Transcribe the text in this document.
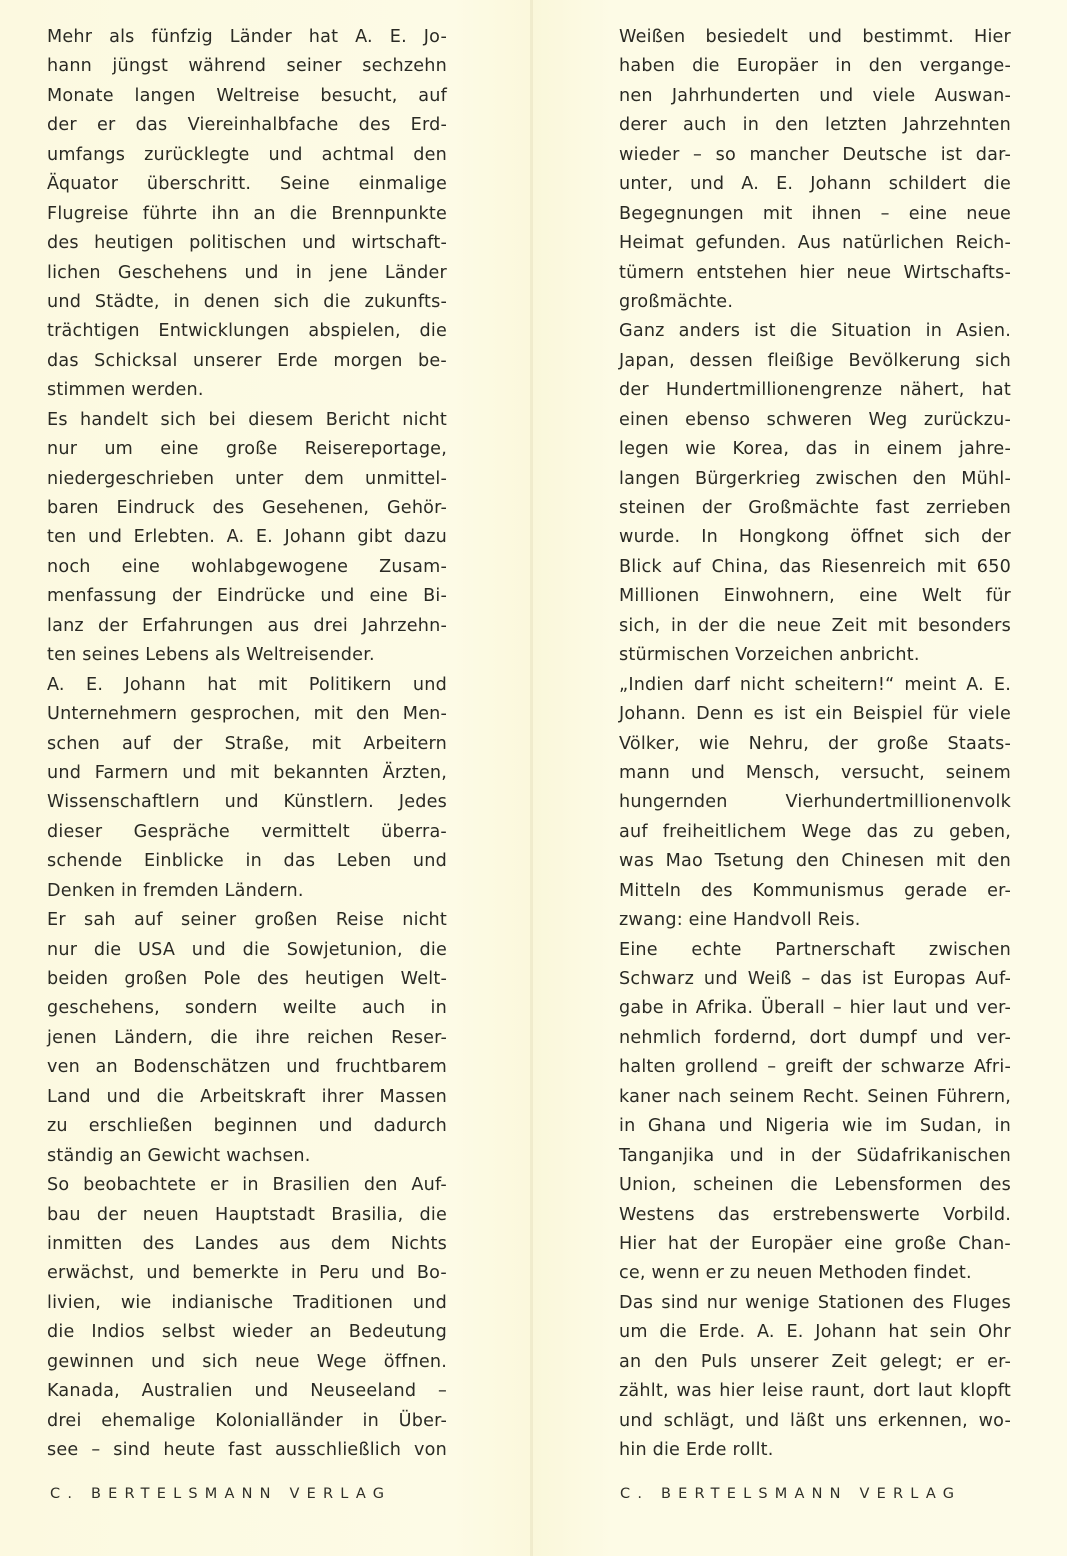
Mehr als fünfzig Länder hat A. E. Jo-
hann jüngst während seiner sechzehn
Monate langen Weltreise besucht, auf
der er das Viereinhalbfache des Erd-
umfangs zurücklegte und achtmal den
Äquator überschritt. Seine einmalige
Flugreise führte ihn an die Brennpunkte
des heutigen politischen und wirtschaft-
lichen Geschehens und in jene Länder
und Städte, in denen sich die zukunfts-
trächtigen Entwicklungen abspielen, die
das Schicksal unserer Erde morgen be-
stimmen werden.
Es handelt sich bei diesem Bericht nicht
nur um eine große Reisereportage,
niedergeschrieben unter dem unmittel-
baren Eindruck des Gesehenen, Gehör-
ten und Erlebten. A. E. Johann gibt dazu
noch eine wohlabgewogene Zusam-
menfassung der Eindrücke und eine Bi-
lanz der Erfahrungen aus drei Jahrzehn-
ten seines Lebens als Weltreisender.
A. E. Johann hat mit Politikern und
Unternehmern gesprochen, mit den Men-
schen auf der Straße, mit Arbeitern
und Farmern und mit bekannten Ärzten,
Wissenschaftlern und Künstlern. Jedes
dieser Gespräche vermittelt überra-
schende Einblicke in das Leben und
Denken in fremden Ländern.
Er sah auf seiner großen Reise nicht
nur die USA und die Sowjetunion, die
beiden großen Pole des heutigen Welt-
geschehens, sondern weilte auch in
jenen Ländern, die ihre reichen Reser-
ven an Bodenschätzen und fruchtbarem
Land und die Arbeitskraft ihrer Massen
zu erschließen beginnen und dadurch
ständig an Gewicht wachsen.
So beobachtete er in Brasilien den Auf-
bau der neuen Hauptstadt Brasilia, die
inmitten des Landes aus dem Nichts
erwächst, und bemerkte in Peru und Bo-
livien, wie indianische Traditionen und
die Indios selbst wieder an Bedeutung
gewinnen und sich neue Wege öffnen.
Kanada, Australien und Neuseeland –
drei ehemalige Kolonialländer in Über-
see – sind heute fast ausschließlich von
Weißen besiedelt und bestimmt. Hier
haben die Europäer in den vergange-
nen Jahrhunderten und viele Auswan-
derer auch in den letzten Jahrzehnten
wieder – so mancher Deutsche ist dar-
unter, und A. E. Johann schildert die
Begegnungen mit ihnen – eine neue
Heimat gefunden. Aus natürlichen Reich-
tümern entstehen hier neue Wirtschafts-
großmächte.
Ganz anders ist die Situation in Asien.
Japan, dessen fleißige Bevölkerung sich
der Hundertmillionengrenze nähert, hat
einen ebenso schweren Weg zurückzu-
legen wie Korea, das in einem jahre-
langen Bürgerkrieg zwischen den Mühl-
steinen der Großmächte fast zerrieben
wurde. In Hongkong öffnet sich der
Blick auf China, das Riesenreich mit 650
Millionen Einwohnern, eine Welt für
sich, in der die neue Zeit mit besonders
stürmischen Vorzeichen anbricht.
„Indien darf nicht scheitern!“ meint A. E.
Johann. Denn es ist ein Beispiel für viele
Völker, wie Nehru, der große Staats-
mann und Mensch, versucht, seinem
hungernden Vierhundertmillionenvolk
auf freiheitlichem Wege das zu geben,
was Mao Tsetung den Chinesen mit den
Mitteln des Kommunismus gerade er-
zwang: eine Handvoll Reis.
Eine echte Partnerschaft zwischen
Schwarz und Weiß – das ist Europas Auf-
gabe in Afrika. Überall – hier laut und ver-
nehmlich fordernd, dort dumpf und ver-
halten grollend – greift der schwarze Afri-
kaner nach seinem Recht. Seinen Führern,
in Ghana und Nigeria wie im Sudan, in
Tanganjika und in der Südafrikanischen
Union, scheinen die Lebensformen des
Westens das erstrebenswerte Vorbild.
Hier hat der Europäer eine große Chan-
ce, wenn er zu neuen Methoden findet.
Das sind nur wenige Stationen des Fluges
um die Erde. A. E. Johann hat sein Ohr
an den Puls unserer Zeit gelegt; er er-
zählt, was hier leise raunt, dort laut klopft
und schlägt, und läßt uns erkennen, wo-
hin die Erde rollt.
C. BERTELSMANN VERLAG	C. BERTELSMANN VERLAG
